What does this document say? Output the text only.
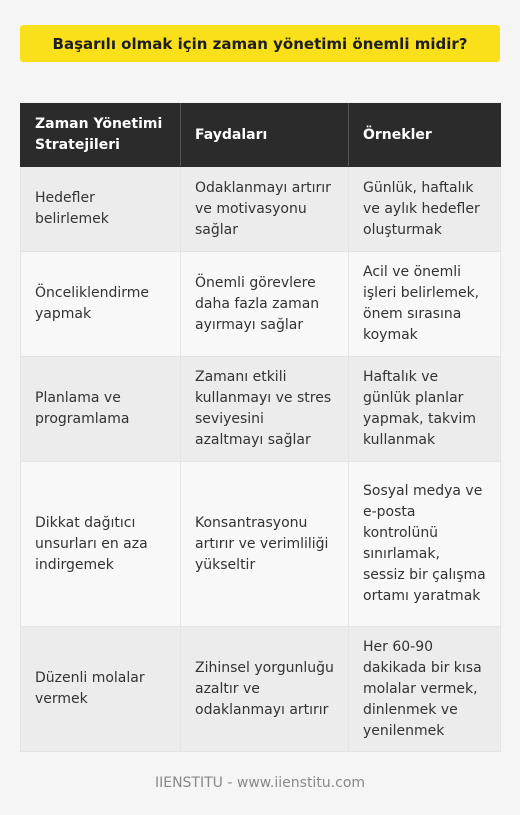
Başarılı olmak için zaman yönetimi önemli midir?
Zaman Yönetimi Stratejileri	Faydaları	Örnekler
Hedefler belirlemek	Odaklanmayı artırır ve motivasyonu sağlar	Günlük, haftalık ve aylık hedefler oluşturmak
Önceliklendirme yapmak	Önemli görevlere daha fazla zaman ayırmayı sağlar	Acil ve önemli işleri belirlemek, önem sırasına koymak
Planlama ve programlama	Zamanı etkili kullanmayı ve stres seviyesini azaltmayı sağlar	Haftalık ve günlük planlar yapmak, takvim kullanmak
Dikkat dağıtıcı unsurları en aza indirgemek	Konsantrasyonu artırır ve verimliliği yükseltir	Sosyal medya ve e-posta kontrolünü sınırlamak, sessiz bir çalışma ortamı yaratmak
Düzenli molalar vermek	Zihinsel yorgunluğu azaltır ve odaklanmayı artırır	Her 60-90 dakikada bir kısa molalar vermek, dinlenmek ve yenilenmek
IIENSTITU - www.iienstitu.com
